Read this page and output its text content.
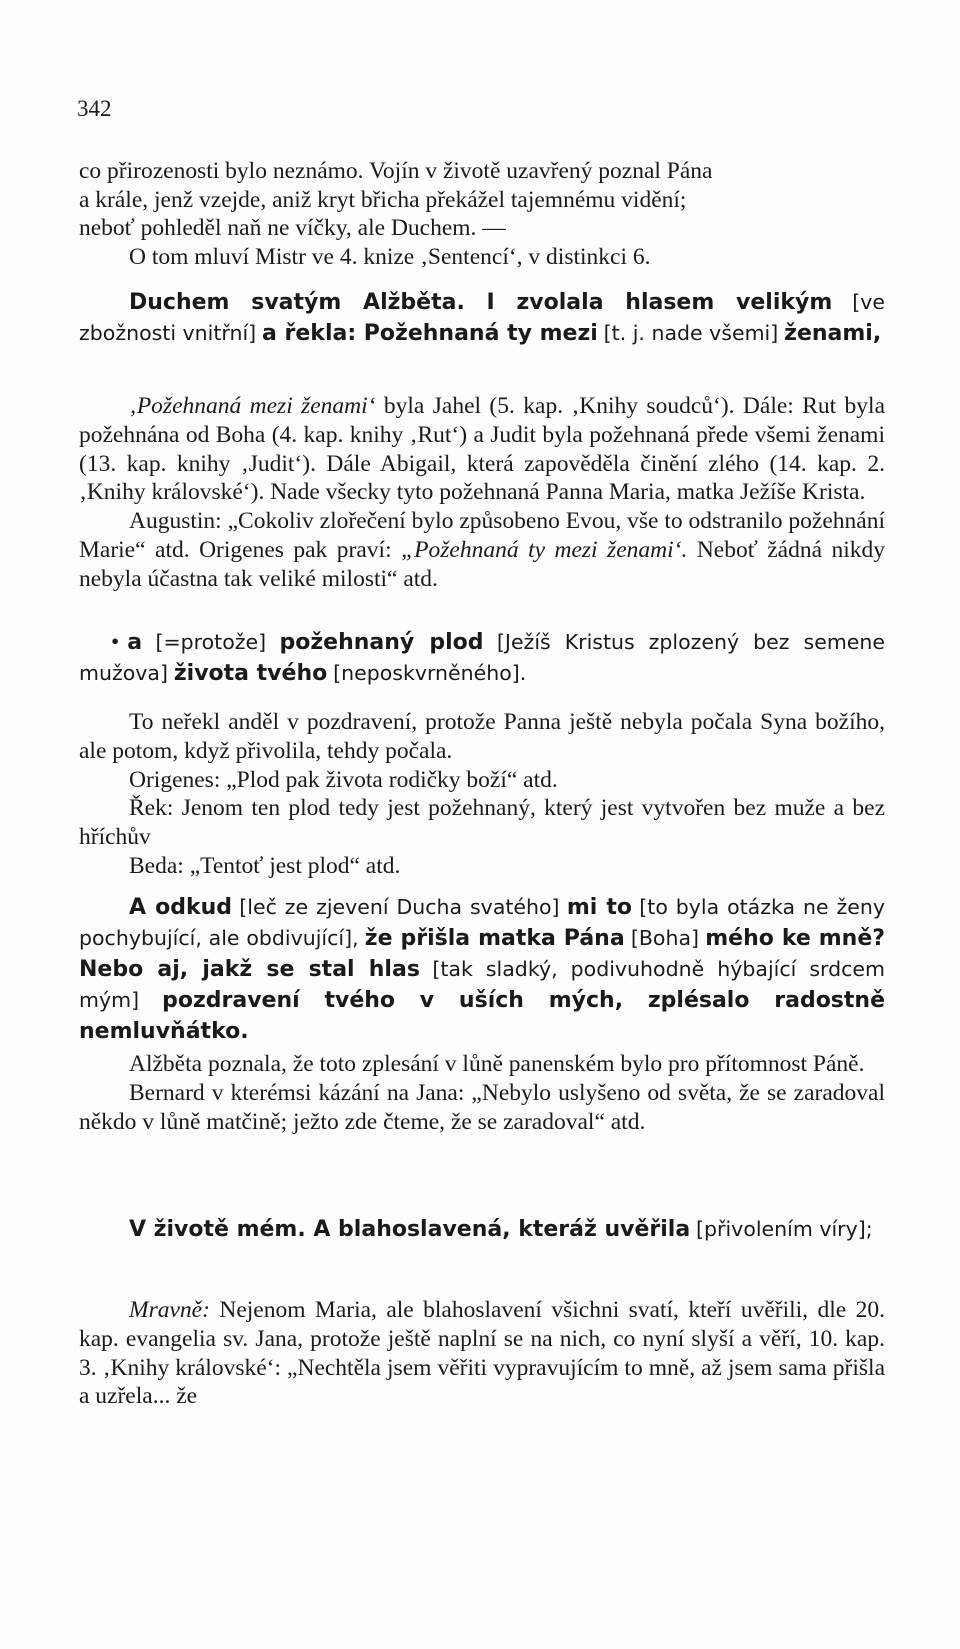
342
co přirozenosti bylo neznámo. Vojín v životě uzavřený poznal Pána
a krále, jenž vzejde, aniž kryt břicha překážel tajemnému vidění;
neboť pohleděl naň ne víčky, ale Duchem. —
O tom mluví Mistr ve 4. knize ‚Sentencí‘, v distinkci 6.
Duchem svatým Alžběta. I zvolala hlasem velikým [ve zbožnosti vnitřní] a řekla: Požehnaná ty mezi [t. j. nade všemi] ženami,

‚Požehnaná mezi ženami‘ byla Jahel (5. kap. ‚Knihy soudců‘). Dále: Rut byla požehnána od Boha (4. kap. knihy ‚Rut‘) a Judit byla požehnaná přede všemi ženami (13. kap. knihy ‚Judit‘). Dále Abigail, která zapověděla činění zlého (14. kap. 2. ‚Knihy královské‘). Nade všecky tyto požehnaná Panna Maria, matka Ježíše Krista.

Augustin: „Cokoliv zlořečení bylo způsobeno Evou, vše to odstranilo požehnání Marie“ atd. Origenes pak praví: „Požehnaná ty mezi ženami‘. Neboť žádná nikdy nebyla účastna tak veliké milosti“ atd.

• a [=protože] požehnaný plod [Ježíš Kristus zplozený bez semene mužova] života tvého [neposkvrněného].

To neřekl anděl v pozdravení, protože Panna ještě nebyla počala Syna božího, ale potom, když přivolila, tehdy počala.

Origenes: „Plod pak života rodičky boží“ atd.

Řek: Jenom ten plod tedy jest požehnaný, který jest vytvořen bez muže a bez hříchův

Beda: „Tentoť jest plod“ atd.

A odkud [leč ze zjevení Ducha svatého] mi to [to byla otázka ne ženy pochybující, ale obdivující], že přišla matka Pána [Boha] mého ke mně? Nebo aj, jakž se stal hlas [tak sladký, podivuhodně hýbající srdcem mým] pozdravení tvého v uších mých, zplésalo radostně nemluvňátko.

Alžběta poznala, že toto zplesání v lůně panenském bylo pro přítomnost Páně.

Bernard v kterémsi kázání na Jana: „Nebylo uslyšeno od světa, že se zaradoval někdo v lůně matčině; ježto zde čteme, že se zaradoval“ atd.

V životě mém. A blahoslavená, kteráž uvěřila [přivolením víry];

Mravně: Nejenom Maria, ale blahoslavení všichni svatí, kteří uvěřili, dle 20. kap. evangelia sv. Jana, protože ještě naplní se na nich, co nyní slyší a věří, 10. kap. 3. ‚Knihy královské‘: „Nechtěla jsem věřiti vypravujícím to mně, až jsem sama přišla a uzřela... že
